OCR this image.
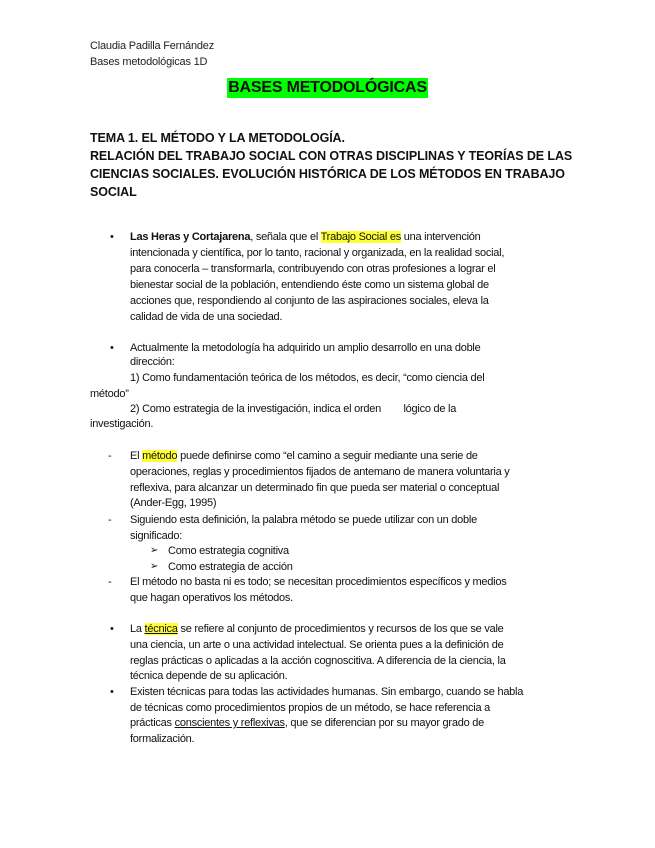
Claudia Padilla Fernández
Bases metodológicas 1D
BASES METODOLÓGICAS
TEMA 1. EL MÉTODO Y LA METODOLOGÍA.
RELACIÓN DEL TRABAJO SOCIAL CON OTRAS DISCIPLINAS Y TEORÍAS DE LAS
CIENCIAS SOCIALES. EVOLUCIÓN HISTÓRICA DE LOS MÉTODOS EN TRABAJO
SOCIAL
• Las Heras y Cortajarena, señala que el Trabajo Social es una intervención
intencionada y científica, por lo tanto, racional y organizada, en la realidad social,
para conocerla – transformarla, contribuyendo con otras profesiones a lograr el
bienestar social de la población, entendiendo éste como un sistema global de
acciones que, respondiendo al conjunto de las aspiraciones sociales, eleva la
calidad de vida de una sociedad.
• Actualmente la metodología ha adquirido un amplio desarrollo en una doble
dirección:
1) Como fundamentación teórica de los métodos, es decir, “como ciencia del
método”
2) Como estrategia de la investigación, indica el orden        lógico de la
investigación.
- El método puede definirse como “el camino a seguir mediante una serie de
operaciones, reglas y procedimientos fijados de antemano de manera voluntaria y
reflexiva, para alcanzar un determinado fin que pueda ser material o conceptual
(Ander-Egg, 1995)
- Siguiendo esta definición, la palabra método se puede utilizar con un doble
significado:
➢ Como estrategia cognitiva
➢ Como estrategia de acción
- El método no basta ni es todo; se necesitan procedimientos específicos y medios
que hagan operativos los métodos.
• La técnica se refiere al conjunto de procedimientos y recursos de los que se vale
una ciencia, un arte o una actividad intelectual. Se orienta pues a la definición de
reglas prácticas o aplicadas a la acción cognoscitiva. A diferencia de la ciencia, la
técnica depende de su aplicación.
• Existen técnicas para todas las actividades humanas. Sin embargo, cuando se habla
de técnicas como procedimientos propios de un método, se hace referencia a
prácticas conscientes y reflexivas, que se diferencian por su mayor grado de
formalización.
